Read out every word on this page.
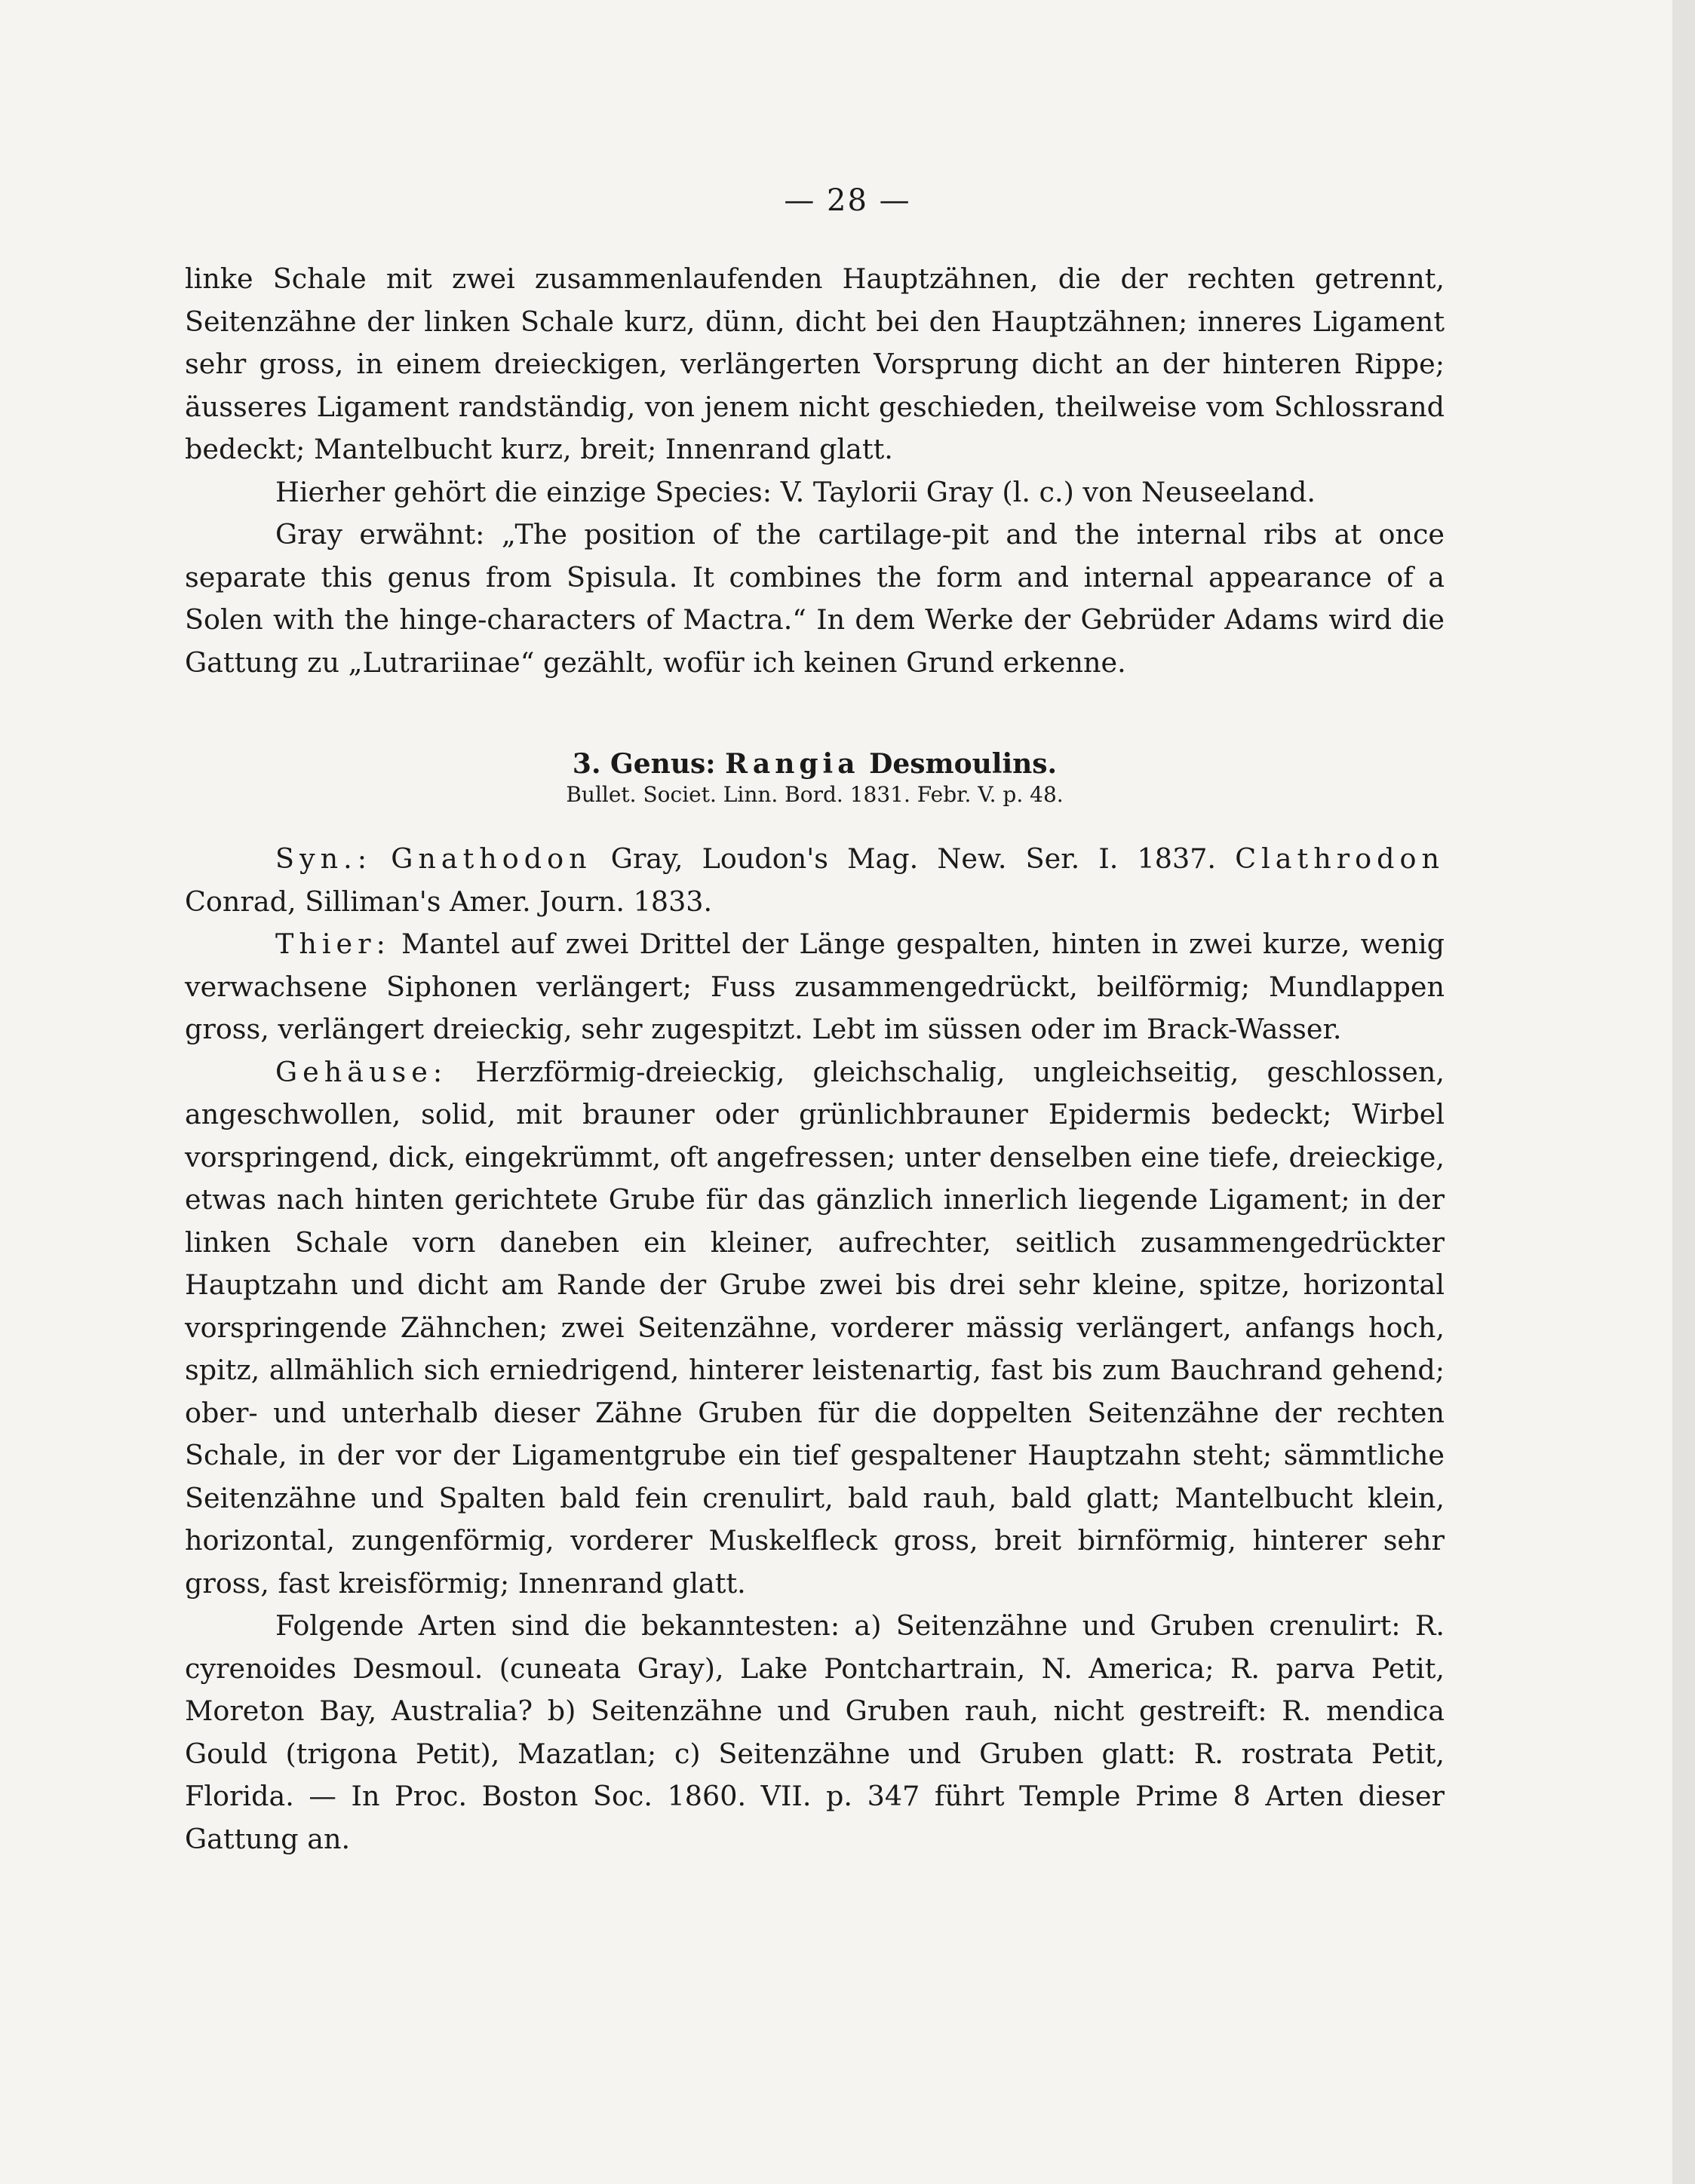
— 28 —

linke Schale mit zwei zusammenlaufenden Hauptzähnen, die der rechten getrennt, Seitenzähne der linken Schale kurz, dünn, dicht bei den Hauptzähnen; inneres Ligament sehr gross, in einem dreieckigen, verlängerten Vorsprung dicht an der hinteren Rippe; äusseres Ligament randständig, von jenem nicht geschieden, theilweise vom Schlossrand bedeckt; Mantelbucht kurz, breit; Innenrand glatt.

Hierher gehört die einzige Species: V. Taylorii Gray (l. c.) von Neuseeland.

Gray erwähnt: „The position of the cartilage-pit and the internal ribs at once separate this genus from Spisula. It combines the form and internal appearance of a Solen with the hinge-characters of Mactra.“ In dem Werke der Gebrüder Adams wird die Gattung zu „Lutrariinae“ gezählt, wofür ich keinen Grund erkenne.

3. Genus: Rangia Desmoulins.
Bullet. Societ. Linn. Bord. 1831. Febr. V. p. 48.

Syn.: Gnathodon Gray, Loudon's Mag. New. Ser. I. 1837. Clathrodon Conrad, Silliman's Amer. Journ. 1833.

Thier: Mantel auf zwei Drittel der Länge gespalten, hinten in zwei kurze, wenig verwachsene Siphonen verlängert; Fuss zusammengedrückt, beilförmig; Mundlappen gross, verlängert dreieckig, sehr zugespitzt. Lebt im süssen oder im Brack-Wasser.

Gehäuse: Herzförmig-dreieckig, gleichschalig, ungleichseitig, geschlossen, angeschwollen, solid, mit brauner oder grünlichbrauner Epidermis bedeckt; Wirbel vorspringend, dick, eingekrümmt, oft angefressen; unter denselben eine tiefe, dreieckige, etwas nach hinten gerichtete Grube für das gänzlich innerlich liegende Ligament; in der linken Schale vorn daneben ein kleiner, aufrechter, seitlich zusammengedrückter Hauptzahn und dicht am Rande der Grube zwei bis drei sehr kleine, spitze, horizontal vorspringende Zähnchen; zwei Seitenzähne, vorderer mässig verlängert, anfangs hoch, spitz, allmählich sich erniedrigend, hinterer leistenartig, fast bis zum Bauchrand gehend; ober- und unterhalb dieser Zähne Gruben für die doppelten Seitenzähne der rechten Schale, in der vor der Ligamentgrube ein tief gespaltener Hauptzahn steht; sämmtliche Seitenzähne und Spalten bald fein crenulirt, bald rauh, bald glatt; Mantelbucht klein, horizontal, zungenförmig, vorderer Muskelfleck gross, breit birnförmig, hinterer sehr gross, fast kreisförmig; Innenrand glatt.

Folgende Arten sind die bekanntesten: a) Seitenzähne und Gruben crenulirt: R. cyrenoides Desmoul. (cuneata Gray), Lake Pontchartrain, N. America; R. parva Petit, Moreton Bay, Australia? b) Seitenzähne und Gruben rauh, nicht gestreift: R. mendica Gould (trigona Petit), Mazatlan; c) Seitenzähne und Gruben glatt: R. rostrata Petit, Florida. — In Proc. Boston Soc. 1860. VII. p. 347 führt Temple Prime 8 Arten dieser Gattung an.
